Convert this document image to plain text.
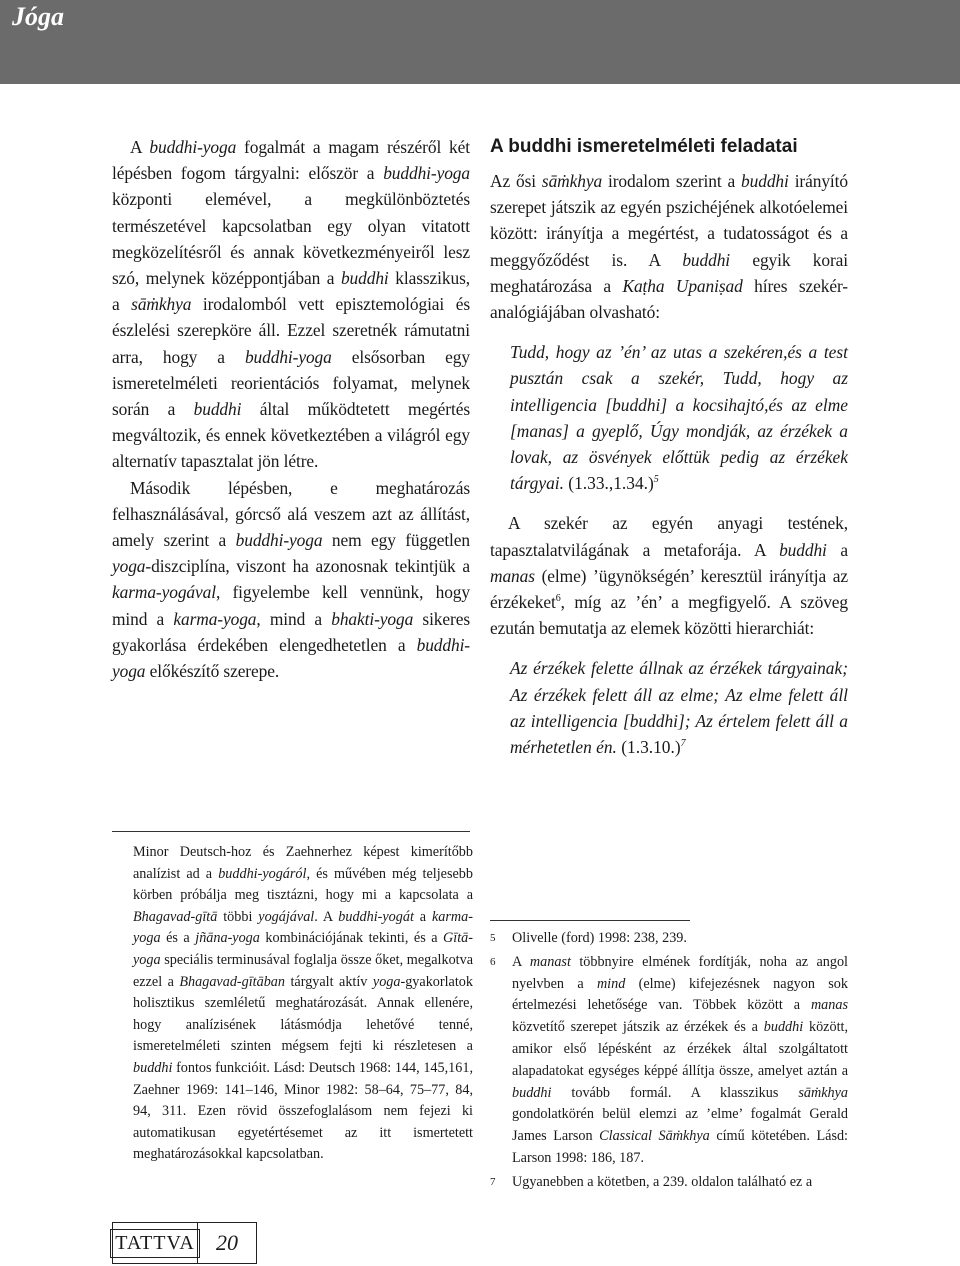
Jóga

A buddhi-yoga fogalmát a magam részéről két lépésben fogom tárgyalni: először a buddhi-yoga központi elemével, a megkülönböztetés természetével kapcsolatban egy olyan vitatott megközelítésről és annak következményeiről lesz szó, melynek középpontjában a buddhi klasszikus, a sāṁkhya irodalomból vett episztemológiai és észlelési szerepköre áll. Ezzel szeretnék rámutatni arra, hogy a buddhi-yoga elsősorban egy ismeretelméleti reorientációs folyamat, melynek során a buddhi által működtetett megértés megváltozik, és ennek következtében a világról egy alternatív tapasztalat jön létre.

Második lépésben, e meghatározás felhasználásával, górcső alá veszem azt az állítást, amely szerint a buddhi-yoga nem egy független yoga-diszciplína, viszont ha azonosnak tekintjük a karma-yogával, figyelembe kell vennünk, hogy mind a karma-yoga, mind a bhakti-yoga sikeres gyakorlása érdekében elengedhetetlen a buddhi-yoga előkészítő szerepe.

Minor Deutsch-hoz és Zaehnerhez képest kimerítőbb analízist ad a buddhi-yogáról, és művében még teljesebb körben próbálja meg tisztázni, hogy mi a kapcsolata a Bhagavad-gītā többi yogájával. A buddhi-yogát a karma-yoga és a jñāna-yoga kombinációjának tekinti, és a Gītā-yoga speciális terminusával foglalja össze őket, megalkotva ezzel a Bhagavad-gītāban tárgyalt aktív yoga-gyakorlatok holisztikus szemléletű meghatározását. Annak ellenére, hogy analízisének látásmódja lehetővé tenné, ismeretelméleti szinten mégsem fejti ki részletesen a buddhi fontos funkcióit. Lásd: Deutsch 1968: 144, 145,161, Zaehner 1969: 141–146, Minor 1982: 58–64, 75–77, 84, 94, 311. Ezen rövid összefoglalásom nem fejezi ki automatikusan egyetértésemet az itt ismertetett meghatározásokkal kapcsolatban.
A buddhi ismeretelméleti feladatai

Az ősi sāṁkhya irodalom szerint a buddhi irányító szerepet játszik az egyén pszichéjének alkotóelemei között: irányítja a megértést, a tudatosságot és a meggyőződést is. A buddhi egyik korai meghatározása a Kaṭha Upaniṣad híres szekér-analógiájában olvasható:

Tudd, hogy az ’én’ az utas a szekéren,és a test pusztán csak a szekér, Tudd, hogy az intelligencia [buddhi] a kocsihajtó,és az elme [manas] a gyeplő, Úgy mondják, az érzékek a lovak, az ösvények előttük pedig az érzékek tárgyai. $(1.33.,1.34.)^5$

A szekér az egyén anyagi testének, tapasztalatvilágának a metaforája. A buddhi a manas (elme) ’ügynökségén’ keresztül irányítja az érzékeket$^6$, míg az ’én’ a megfigyelő. A szöveg ezután bemutatja az elemek közötti hierarchiát:

Az érzékek felette állnak az érzékek tárgyainak; Az érzékek felett áll az elme; Az elme felett áll az intelligencia [buddhi]; Az értelem felett áll a mérhetetlen én. $(1.3.10.)^7$
5	Olivelle (ford) 1998: 238, 239.
6	A manast többnyire elmének fordítják, noha az angol nyelvben a mind (elme) kifejezésnek nagyon sok értelmezési lehetősége van. Többek között a manas közvetítő szerepet játszik az érzékek és a buddhi között, amikor első lépésként az érzékek által szolgáltatott alapadatokat egységes képpé állítja össze, amelyet aztán a buddhi tovább formál. A klasszikus sāṁkhya gondolatkörén belül elemzi az ’elme’ fogalmát Gerald James Larson Classical Sāṁkhya című kötetében. Lásd: Larson 1998: 186, 187.
7	Ugyanebben a kötetben, a 239. oldalon található ez a
TATTVA 20
